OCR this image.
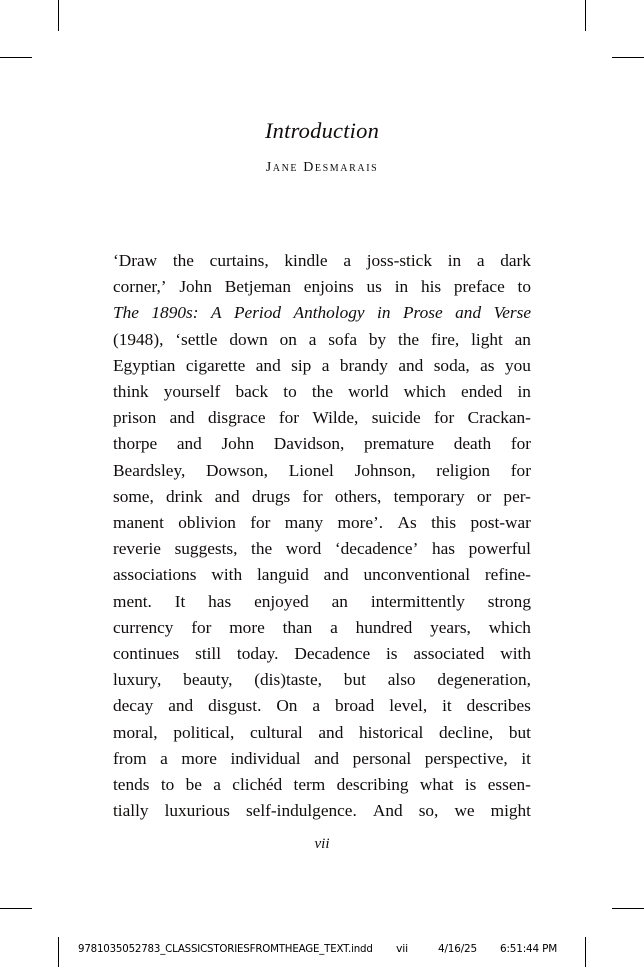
Introduction
Jane Desmarais
‘Draw the curtains, kindle a joss-stick in a dark
corner,’ John Betjeman enjoins us in his preface to
The 1890s: A Period Anthology in Prose and Verse
(1948), ‘settle down on a sofa by the fire, light an
Egyptian cigarette and sip a brandy and soda, as you
think yourself back to the world which ended in
prison and disgrace for Wilde, suicide for Crackan-
thorpe and John Davidson, premature death for
Beardsley, Dowson, Lionel Johnson, religion for
some, drink and drugs for others, temporary or per-
manent oblivion for many more’. As this post-war
reverie suggests, the word ‘decadence’ has powerful
associations with languid and unconventional refine-
ment. It has enjoyed an intermittently strong
currency for more than a hundred years, which
continues still today. Decadence is associated with
luxury, beauty, (dis)taste, but also degeneration,
decay and disgust. On a broad level, it describes
moral, political, cultural and historical decline, but
from a more individual and personal perspective, it
tends to be a clichéd term describing what is essen-
tially luxurious self-indulgence. And so, we might
vii
9781035052783_CLASSICSTORIESFROMTHEAGE_TEXT.indd vii	4/16/25 6:51:44 PM
